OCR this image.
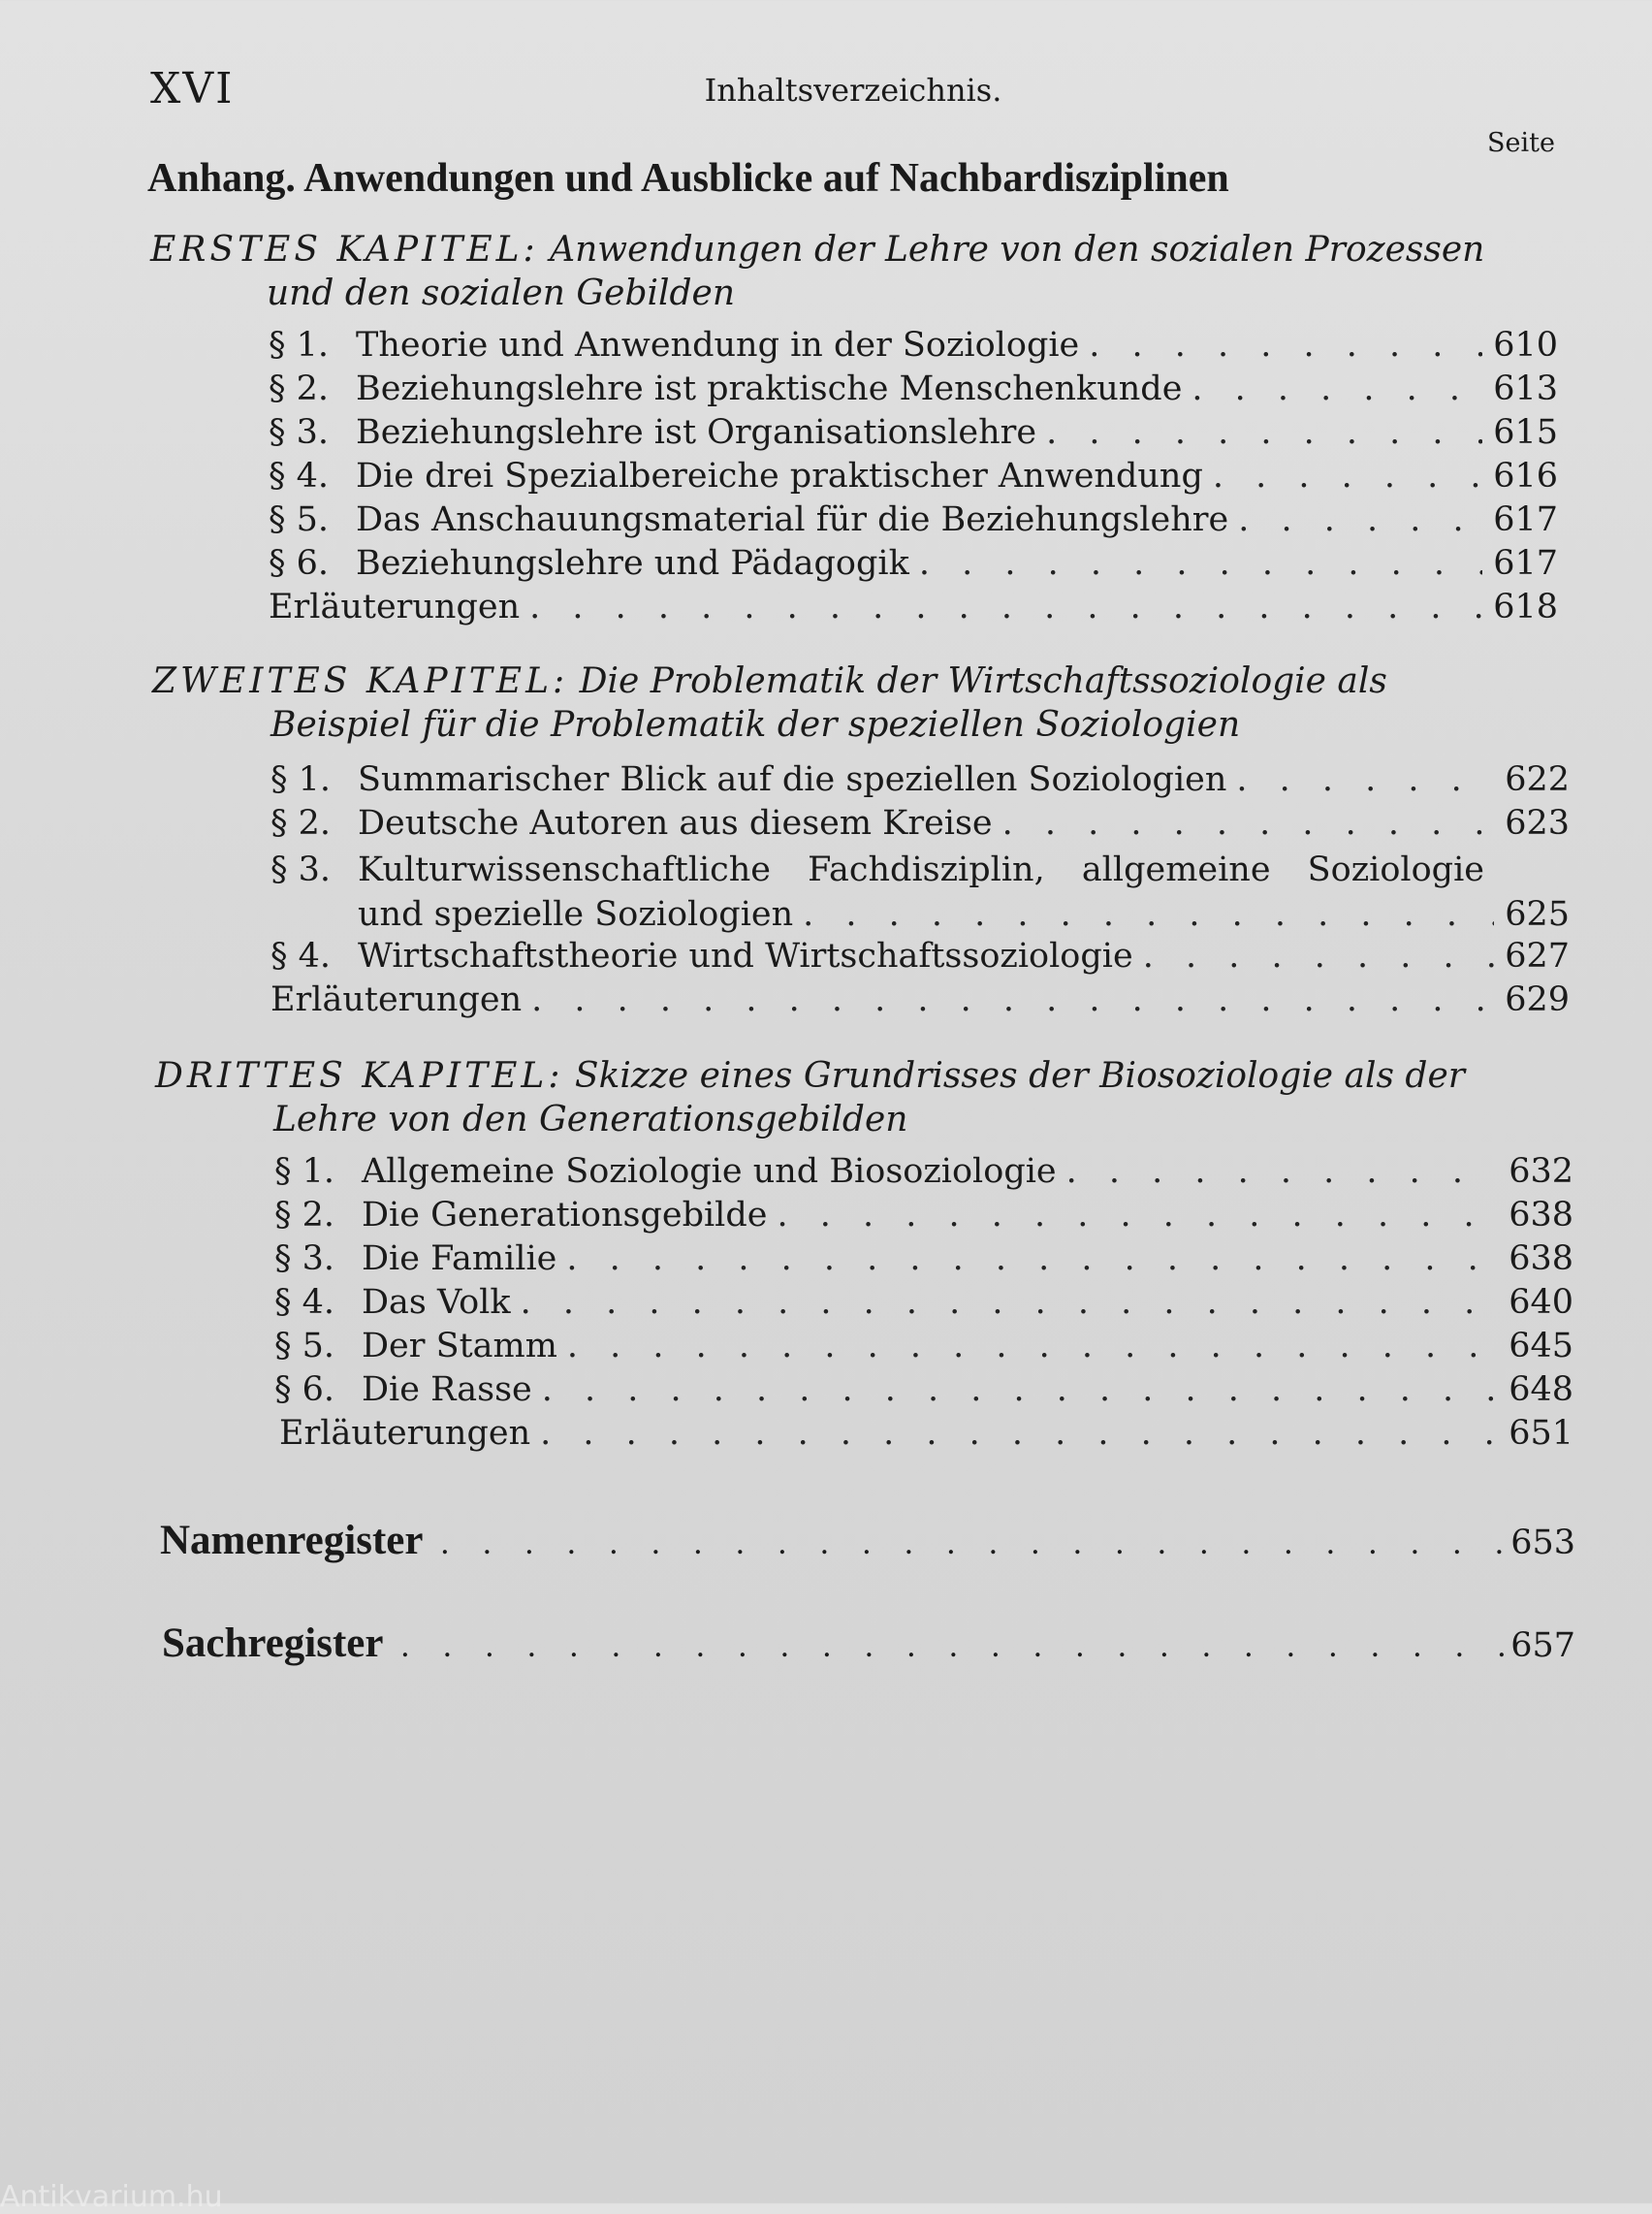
XVI	Inhaltsverzeichnis.
Seite
Anhang. Anwendungen und Ausblicke auf Nachbardisziplinen
ERSTES KAPITEL: Anwendungen der Lehre von den sozialen Prozessen
und den sozialen Gebilden
§ 1. Theorie und Anwendung in der Soziologie . . .	610
§ 2. Beziehungslehre ist praktische Menschenkunde . . .	613
§ 3. Beziehungslehre ist Organisationslehre . . .	615
§ 4. Die drei Spezialbereiche praktischer Anwendung . . .	616
§ 5. Das Anschauungsmaterial für die Beziehungslehre . . .	617
§ 6. Beziehungslehre und Pädagogik . . .	617
Erläuterungen . . .	618
ZWEITES KAPITEL: Die Problematik der Wirtschaftssoziologie als
Beispiel für die Problematik der speziellen Soziologien
§ 1. Summarischer Blick auf die speziellen Soziologien . . .	622
§ 2. Deutsche Autoren aus diesem Kreise . . .	623
§ 3. Kulturwissenschaftliche Fachdisziplin, allgemeine Soziologie
und spezielle Soziologien . . .	625
§ 4. Wirtschaftstheorie und Wirtschaftssoziologie . . .	627
Erläuterungen . . .	629
DRITTES KAPITEL: Skizze eines Grundrisses der Biosoziologie als der
Lehre von den Generationsgebilden
§ 1. Allgemeine Soziologie und Biosoziologie . . .	632
§ 2. Die Generationsgebilde . . .	638
§ 3. Die Familie . . .	638
§ 4. Das Volk . . .	640
§ 5. Der Stamm . . .	645
§ 6. Die Rasse . . .	648
Erläuterungen . . .	651
Namenregister . . .	653
Sachregister . . .	657
Antikvarium.hu
